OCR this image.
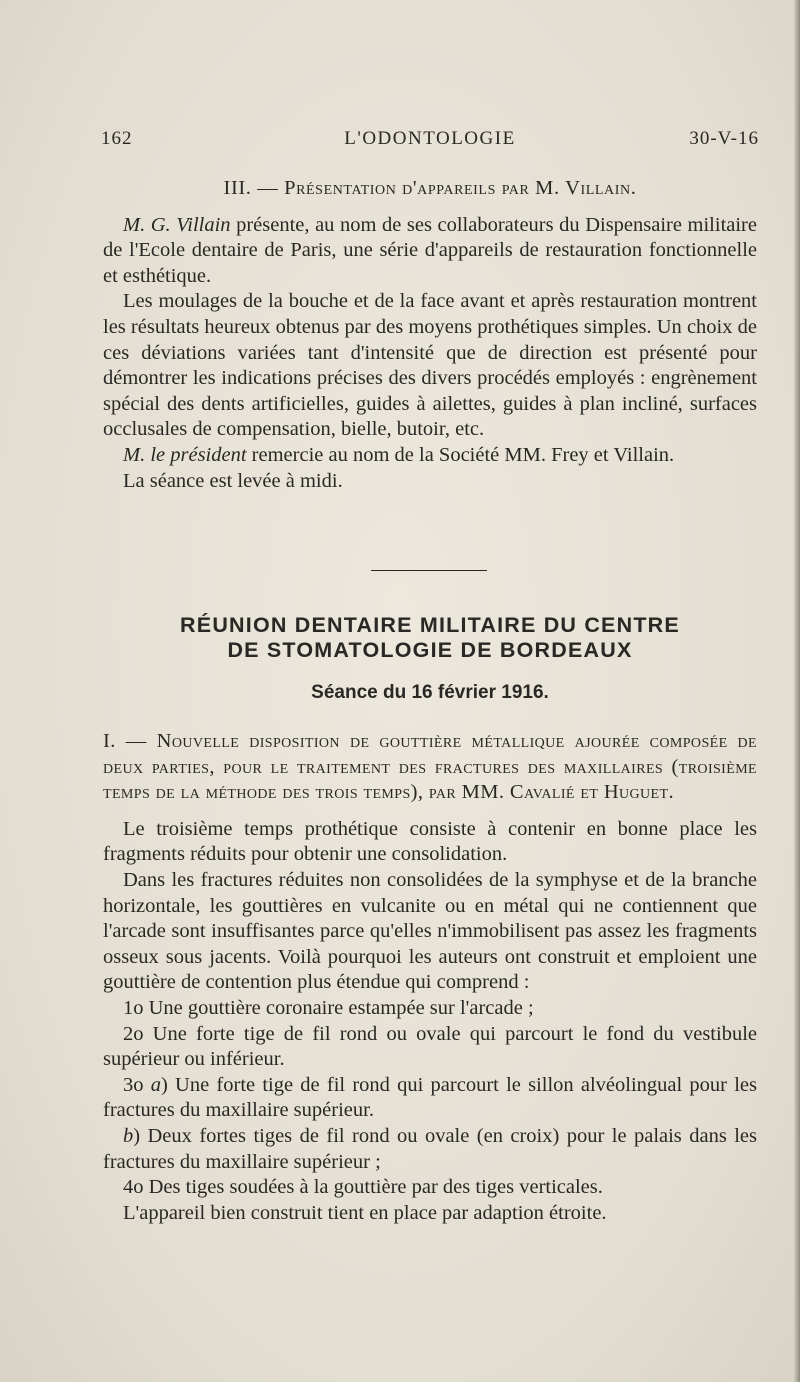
162	L'ODONTOLOGIE	30-V-16

III. — Présentation d'appareils par M. Villain.

M. G. Villain présente, au nom de ses collaborateurs du Dispensaire militaire de l'Ecole dentaire de Paris, une série d'appareils de restauration fonctionnelle et esthétique.

Les moulages de la bouche et de la face avant et après restauration montrent les résultats heureux obtenus par des moyens prothétiques simples. Un choix de ces déviations variées tant d'intensité que de direction est présenté pour démontrer les indications précises des divers procédés employés : engrènement spécial des dents artificielles, guides à ailettes, guides à plan incliné, surfaces occlusales de compensation, bielle, butoir, etc.

M. le président remercie au nom de la Société MM. Frey et Villain.

La séance est levée à midi.

RÉUNION DENTAIRE MILITAIRE DU CENTRE
DE STOMATOLOGIE DE BORDEAUX
Séance du 16 février 1916.

I. — Nouvelle disposition de gouttière métallique ajourée composée de deux parties, pour le traitement des fractures des maxillaires (troisième temps de la méthode des trois temps), par MM. Cavalié et Huguet.

Le troisième temps prothétique consiste à contenir en bonne place les fragments réduits pour obtenir une consolidation.

Dans les fractures réduites non consolidées de la symphyse et de la branche horizontale, les gouttières en vulcanite ou en métal qui ne contiennent que l'arcade sont insuffisantes parce qu'elles n'immobilisent pas assez les fragments osseux sous jacents. Voilà pourquoi les auteurs ont construit et emploient une gouttière de contention plus étendue qui comprend :

1o Une gouttière coronaire estampée sur l'arcade ;

2o Une forte tige de fil rond ou ovale qui parcourt le fond du vestibule supérieur ou inférieur.

3o a) Une forte tige de fil rond qui parcourt le sillon alvéolingual pour les fractures du maxillaire supérieur.

b) Deux fortes tiges de fil rond ou ovale (en croix) pour le palais dans les fractures du maxillaire supérieur ;

4o Des tiges soudées à la gouttière par des tiges verticales.

L'appareil bien construit tient en place par adaption étroite.
